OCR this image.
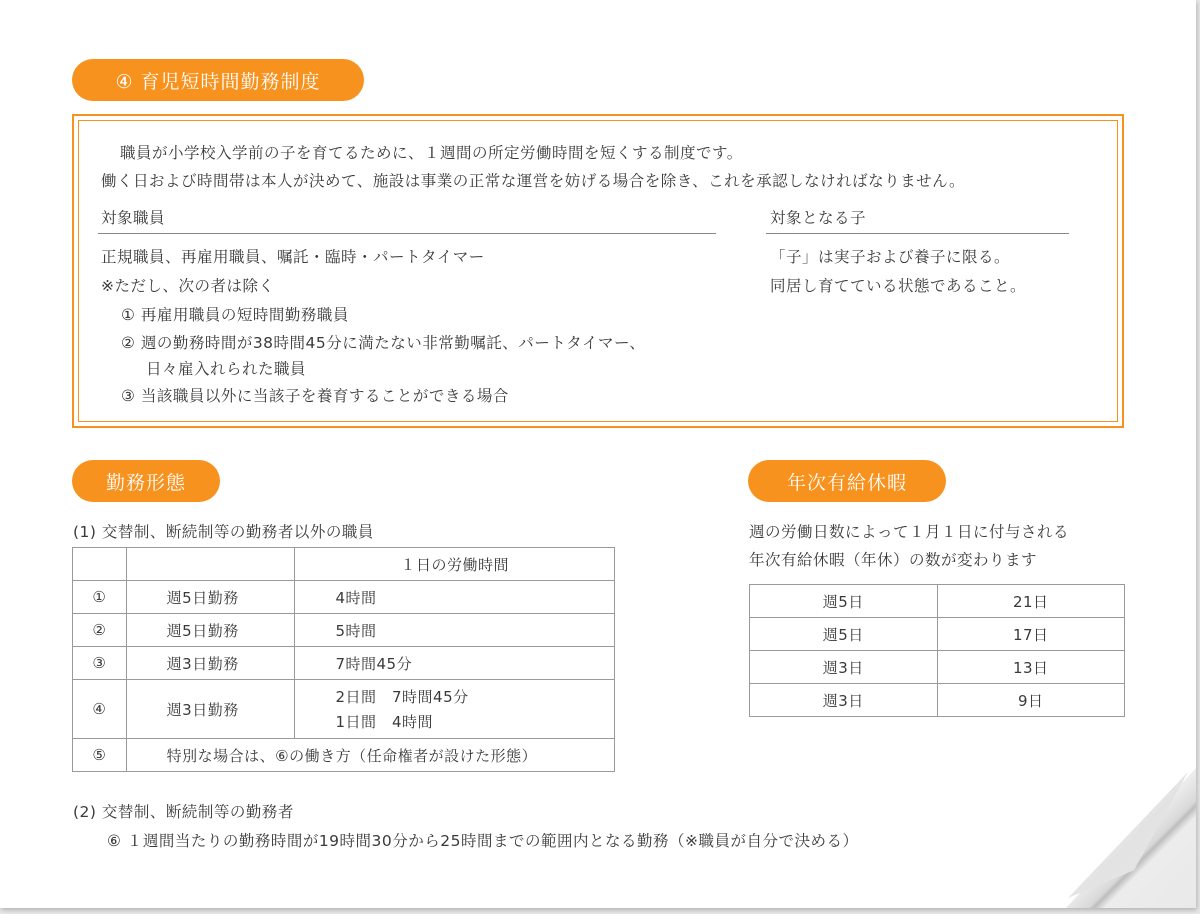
④ 育児短時間勤務制度
職員が小学校入学前の子を育てるために、１週間の所定労働時間を短くする制度です。
働く日および時間帯は本人が決めて、施設は事業の正常な運営を妨げる場合を除き、これを承認しなければなりません。
対象職員
正規職員、再雇用職員、嘱託・臨時・パートタイマー
※ただし、次の者は除く
① 再雇用職員の短時間勤務職員
② 週の勤務時間が38時間45分に満たない非常勤嘱託、パートタイマー、
日々雇入れられた職員
③ 当該職員以外に当該子を養育することができる場合
対象となる子
「子」は実子および養子に限る。
同居し育てている状態であること。
勤務形態
(1) 交替制、断続制等の勤務者以外の職員
		１日の労働時間
①	週5日勤務	4時間
②	週5日勤務	5時間
③	週3日勤務	7時間45分
④	週3日勤務	2日間　7時間45分
1日間　4時間

⑤	特別な場合は、⑥の働き方（任命権者が設けた形態）	
(2) 交替制、断続制等の勤務者
⑥ １週間当たりの勤務時間が19時間30分から25時間までの範囲内となる勤務（※職員が自分で決める）
年次有給休暇
週の労働日数によって１月１日に付与される
年次有給休暇（年休）の数が変わります
週5日	21日
週5日	17日
週3日	13日
週3日	9日
